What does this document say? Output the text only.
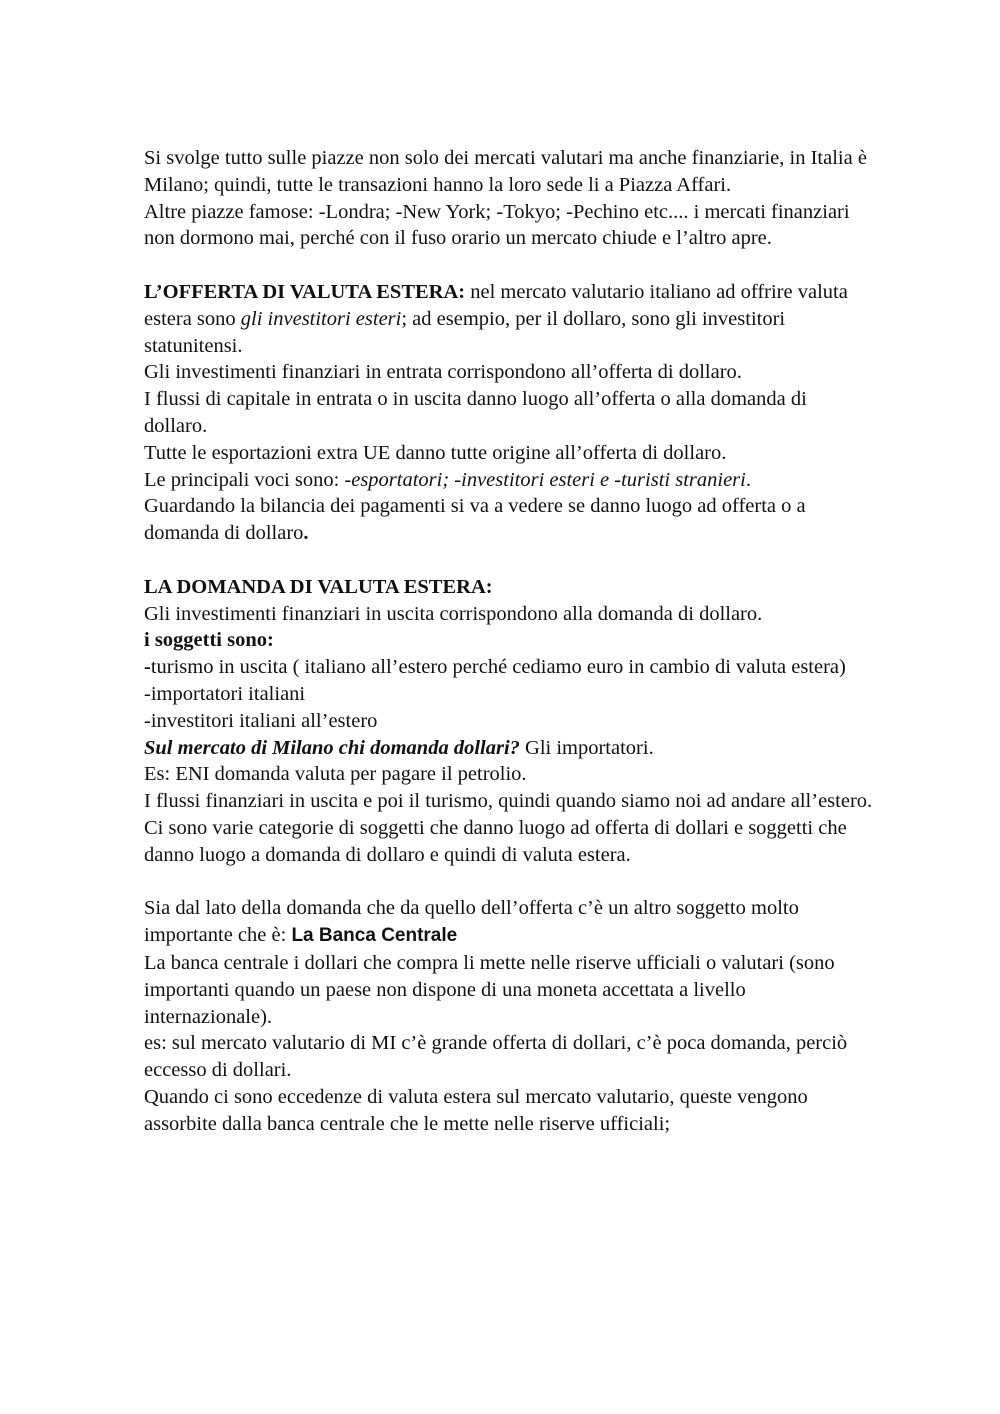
Si svolge tutto sulle piazze non solo dei mercati valutari ma anche finanziarie, in Italia è Milano; quindi, tutte le transazioni hanno la loro sede li a Piazza Affari.

Altre piazze famose: -Londra; -New York; -Tokyo; -Pechino etc.... i mercati finanziari non dormono mai, perché con il fuso orario un mercato chiude e l’altro apre.

L’OFFERTA DI VALUTA ESTERA: nel mercato valutario italiano ad offrire valuta estera sono gli investitori esteri; ad esempio, per il dollaro, sono gli investitori statunitensi.

Gli investimenti finanziari in entrata corrispondono all’offerta di dollaro.

I flussi di capitale in entrata o in uscita danno luogo all’offerta o alla domanda di dollaro.

Tutte le esportazioni extra UE danno tutte origine all’offerta di dollaro.

Le principali voci sono: -esportatori; -investitori esteri e -turisti stranieri.

Guardando la bilancia dei pagamenti si va a vedere se danno luogo ad offerta o a domanda di dollaro.

LA DOMANDA DI VALUTA ESTERA:

Gli investimenti finanziari in uscita corrispondono alla domanda di dollaro.

i soggetti sono:

-turismo in uscita ( italiano all’estero perché cediamo euro in cambio di valuta estera)

-importatori italiani

-investitori italiani all’estero

Sul mercato di Milano chi domanda dollari? Gli importatori.

Es: ENI domanda valuta per pagare il petrolio.

I flussi finanziari in uscita e poi il turismo, quindi quando siamo noi ad andare all’estero. Ci sono varie categorie di soggetti che danno luogo ad offerta di dollari e soggetti che danno luogo a domanda di dollaro e quindi di valuta estera.

Sia dal lato della domanda che da quello dell’offerta c’è un altro soggetto molto importante che è: La Banca Centrale

La banca centrale i dollari che compra li mette nelle riserve ufficiali o valutari (sono importanti quando un paese non dispone di una moneta accettata a livello internazionale).

es: sul mercato valutario di MI c’è grande offerta di dollari, c’è poca domanda, perciò eccesso di dollari.

Quando ci sono eccedenze di valuta estera sul mercato valutario, queste vengono assorbite dalla banca centrale che le mette nelle riserve ufficiali;
